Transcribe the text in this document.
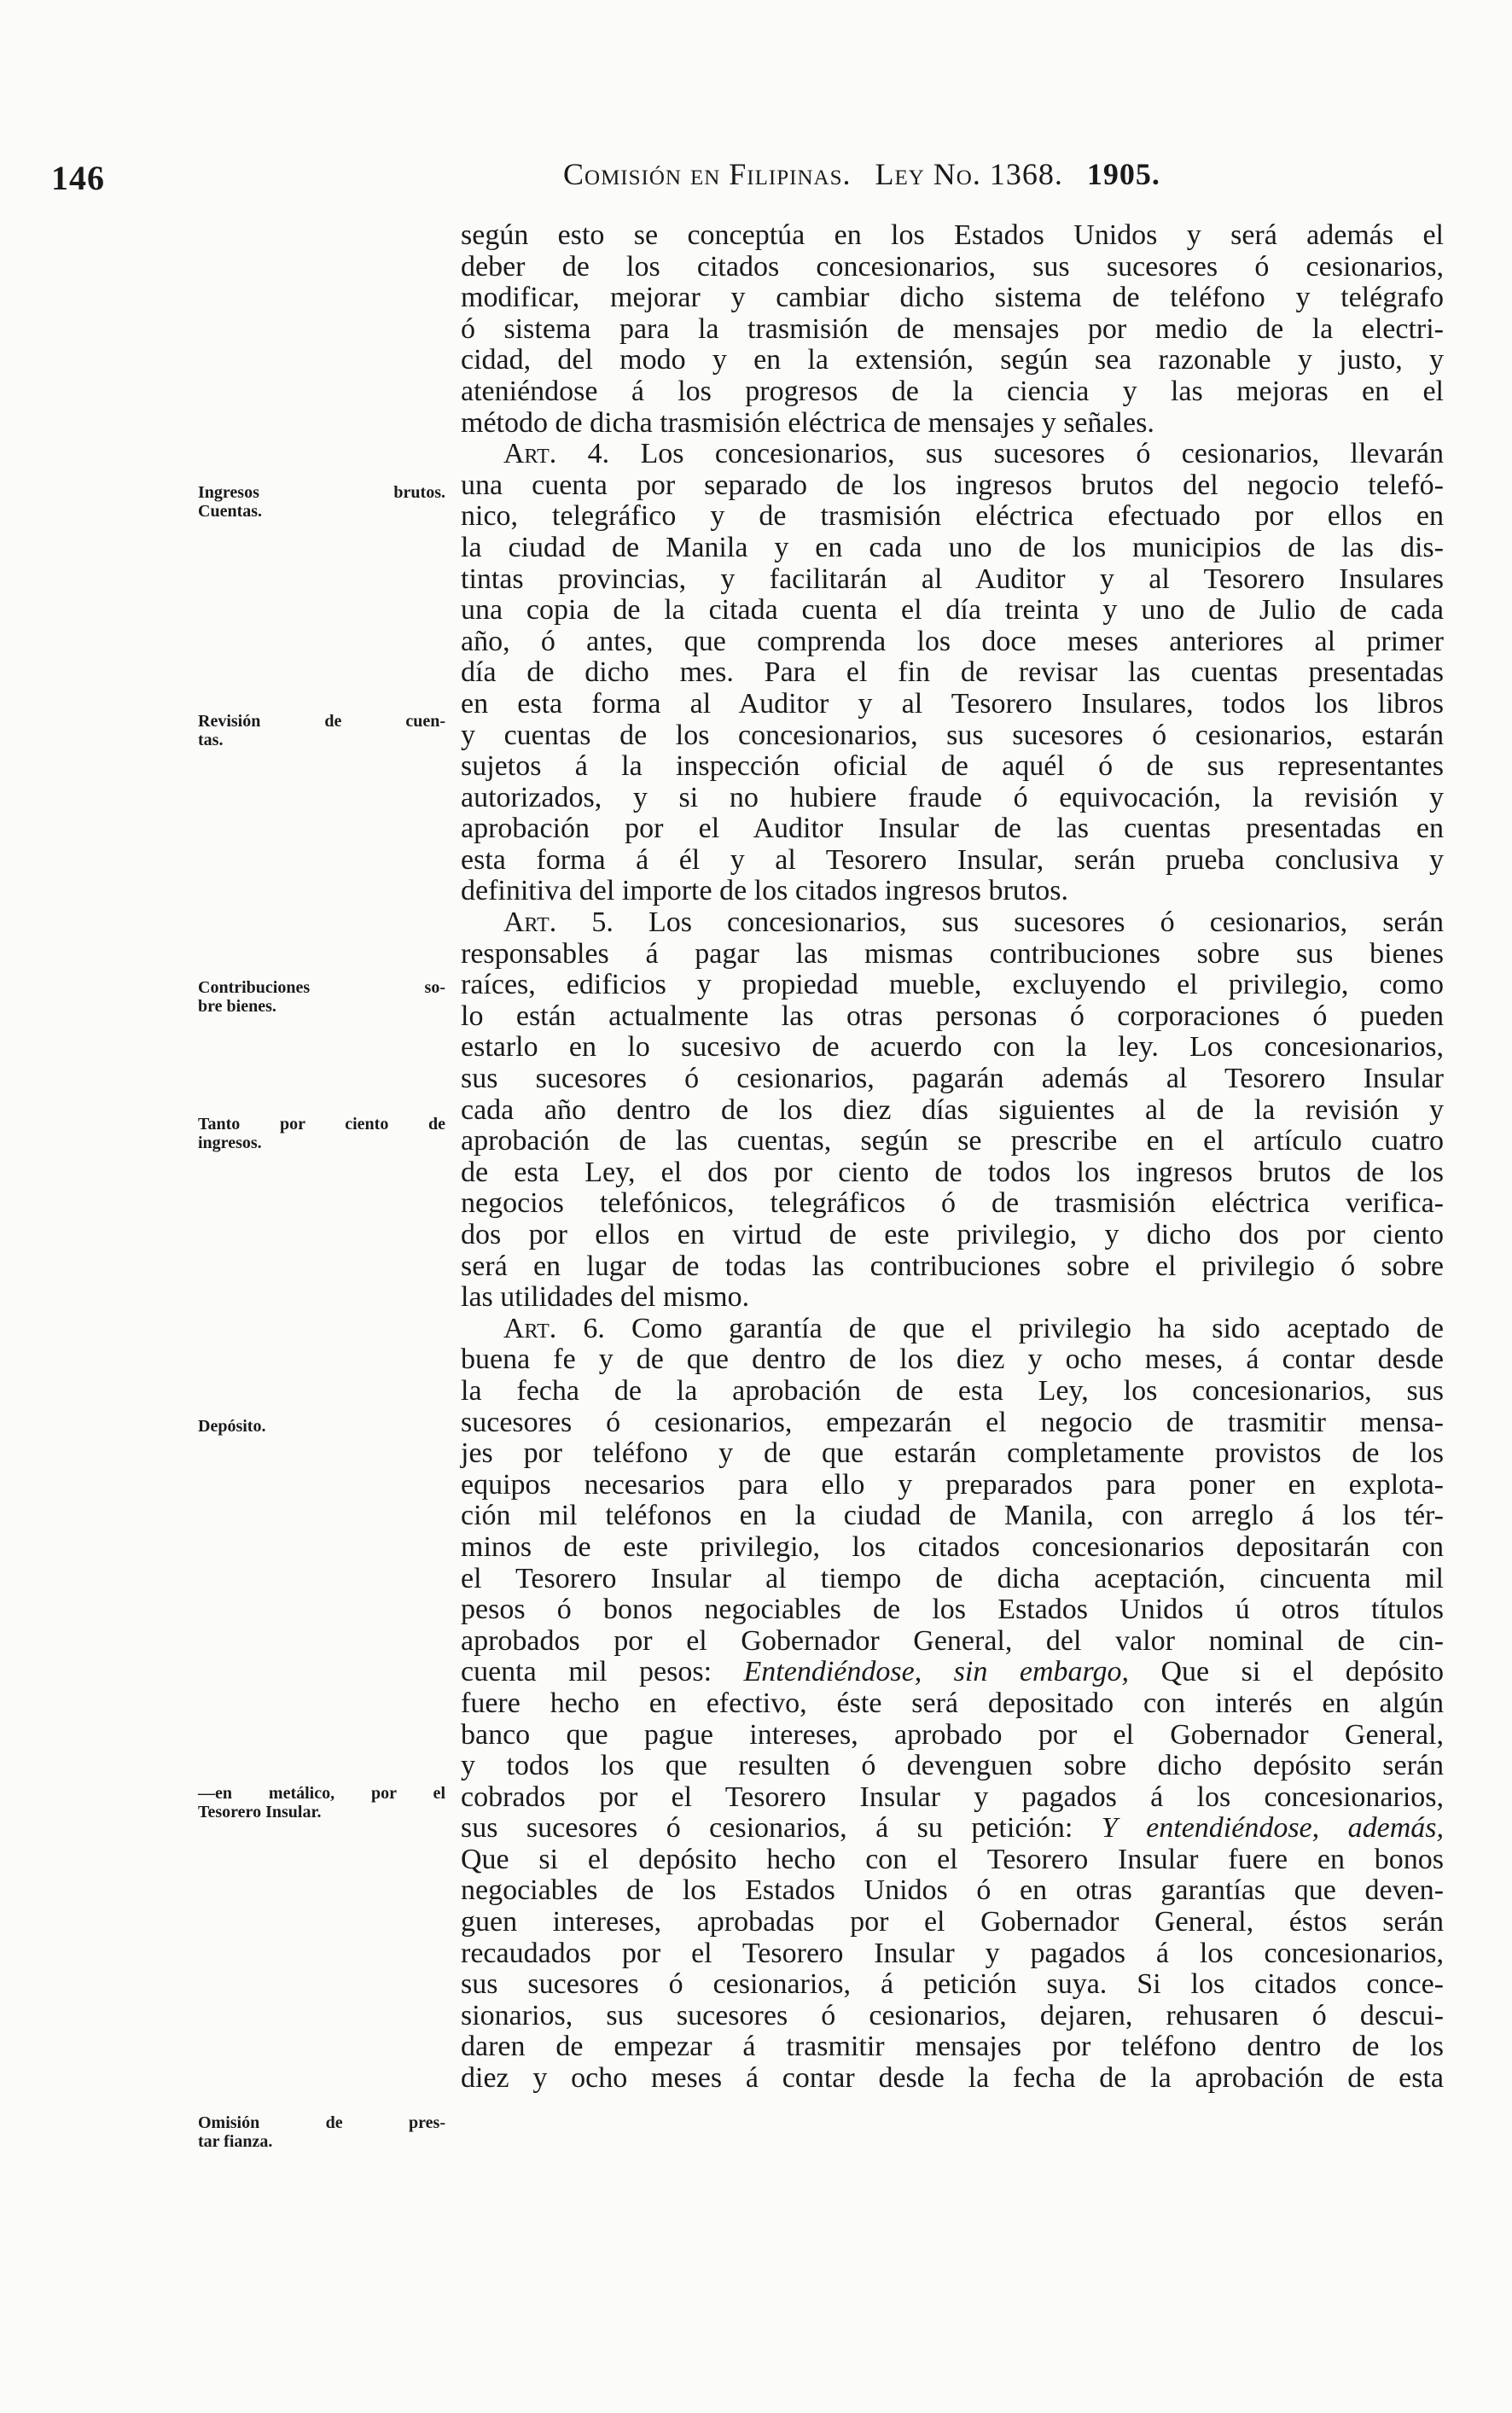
146	Comisión en Filipinas. Ley No. 1368. 1905.
Ingresos brutos.
Cuentas.
Revisión de cuen-
tas.
Contribuciones so-
bre bienes.
Tanto por ciento de
ingresos.
Depósito.
—en metálico, por el
Tesorero Insular.
Omisión de pres-
tar fianza.
según esto se conceptúa en los Estados Unidos y será además el
deber de los citados concesionarios, sus sucesores ó cesionarios,
modificar, mejorar y cambiar dicho sistema de teléfono y telégrafo
ó sistema para la trasmisión de mensajes por medio de la electri-
cidad, del modo y en la extensión, según sea razonable y justo, y
ateniéndose á los progresos de la ciencia y las mejoras en el
método de dicha trasmisión eléctrica de mensajes y señales.
Art. 4. Los concesionarios, sus sucesores ó cesionarios, llevarán
una cuenta por separado de los ingresos brutos del negocio telefó-
nico, telegráfico y de trasmisión eléctrica efectuado por ellos en
la ciudad de Manila y en cada uno de los municipios de las dis-
tintas provincias, y facilitarán al Auditor y al Tesorero Insulares
una copia de la citada cuenta el día treinta y uno de Julio de cada
año, ó antes, que comprenda los doce meses anteriores al primer
día de dicho mes. Para el fin de revisar las cuentas presentadas
en esta forma al Auditor y al Tesorero Insulares, todos los libros
y cuentas de los concesionarios, sus sucesores ó cesionarios, estarán
sujetos á la inspección oficial de aquél ó de sus representantes
autorizados, y si no hubiere fraude ó equivocación, la revisión y
aprobación por el Auditor Insular de las cuentas presentadas en
esta forma á él y al Tesorero Insular, serán prueba conclusiva y
definitiva del importe de los citados ingresos brutos.
Art. 5. Los concesionarios, sus sucesores ó cesionarios, serán
responsables á pagar las mismas contribuciones sobre sus bienes
raíces, edificios y propiedad mueble, excluyendo el privilegio, como
lo están actualmente las otras personas ó corporaciones ó pueden
estarlo en lo sucesivo de acuerdo con la ley. Los concesionarios,
sus sucesores ó cesionarios, pagarán además al Tesorero Insular
cada año dentro de los diez días siguientes al de la revisión y
aprobación de las cuentas, según se prescribe en el artículo cuatro
de esta Ley, el dos por ciento de todos los ingresos brutos de los
negocios telefónicos, telegráficos ó de trasmisión eléctrica verifica-
dos por ellos en virtud de este privilegio, y dicho dos por ciento
será en lugar de todas las contribuciones sobre el privilegio ó sobre
las utilidades del mismo.
Art. 6. Como garantía de que el privilegio ha sido aceptado de
buena fe y de que dentro de los diez y ocho meses, á contar desde
la fecha de la aprobación de esta Ley, los concesionarios, sus
sucesores ó cesionarios, empezarán el negocio de trasmitir mensa-
jes por teléfono y de que estarán completamente provistos de los
equipos necesarios para ello y preparados para poner en explota-
ción mil teléfonos en la ciudad de Manila, con arreglo á los tér-
minos de este privilegio, los citados concesionarios depositarán con
el Tesorero Insular al tiempo de dicha aceptación, cincuenta mil
pesos ó bonos negociables de los Estados Unidos ú otros títulos
aprobados por el Gobernador General, del valor nominal de cin-
cuenta mil pesos: Entendiéndose, sin embargo, Que si el depósito
fuere hecho en efectivo, éste será depositado con interés en algún
banco que pague intereses, aprobado por el Gobernador General,
y todos los que resulten ó devenguen sobre dicho depósito serán
cobrados por el Tesorero Insular y pagados á los concesionarios,
sus sucesores ó cesionarios, á su petición: Y entendiéndose, además,
Que si el depósito hecho con el Tesorero Insular fuere en bonos
negociables de los Estados Unidos ó en otras garantías que deven-
guen intereses, aprobadas por el Gobernador General, éstos serán
recaudados por el Tesorero Insular y pagados á los concesionarios,
sus sucesores ó cesionarios, á petición suya. Si los citados conce-
sionarios, sus sucesores ó cesionarios, dejaren, rehusaren ó descui-
daren de empezar á trasmitir mensajes por teléfono dentro de los
diez y ocho meses á contar desde la fecha de la aprobación de esta
